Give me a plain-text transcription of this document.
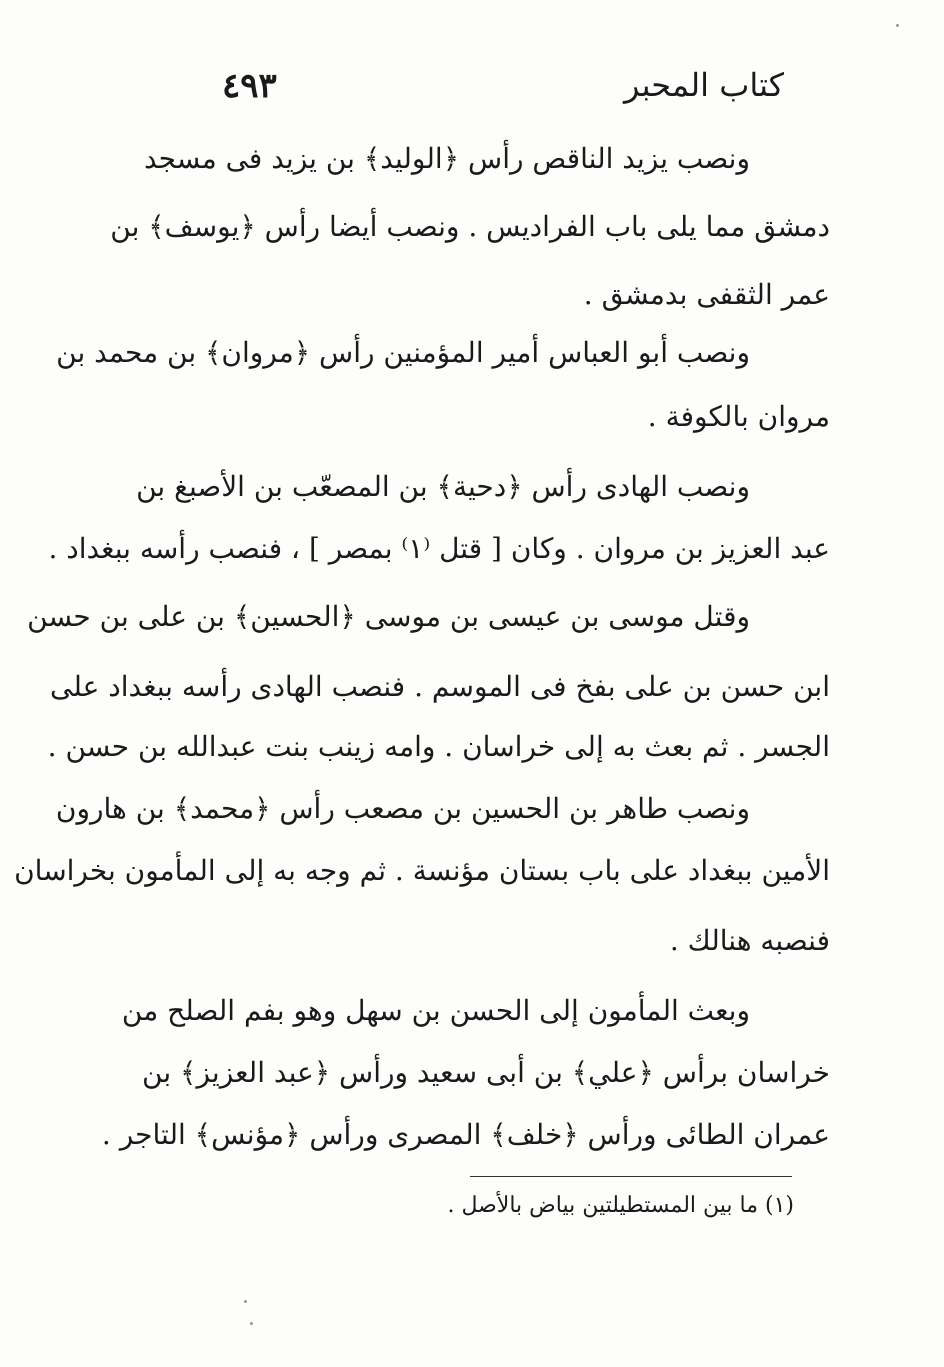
٤٩٣	كتاب المحبر
ونصب يزيد الناقص رأس ﴿الوليد﴾ بن يزيد فى مسجد
دمشق مما يلى باب الفراديس . ونصب أيضا رأس ﴿يوسف﴾ بن
عمر الثقفى بدمشق .
ونصب أبو العباس أمير المؤمنين رأس ﴿مروان﴾ بن محمد بن
مروان بالكوفة .
ونصب الهادى رأس ﴿دحية﴾ بن المصعّب بن الأصبغ بن
عبد العزيز بن مروان . وكان [ قتل ⁽١⁾ بمصر ] ، فنصب رأسه ببغداد .
وقتل موسى بن عيسى بن موسى ﴿الحسين﴾ بن على بن حسن
ابن حسن بن على بفخ فى الموسم . فنصب الهادى رأسه ببغداد على
الجسر . ثم بعث به إلى خراسان . وامه زينب بنت عبدالله بن حسن .
ونصب طاهر بن الحسين بن مصعب رأس ﴿محمد﴾ بن هارون
الأمين ببغداد على باب بستان مؤنسة . ثم وجه به إلى المأمون بخراسان
فنصبه هنالك .
وبعث المأمون إلى الحسن بن سهل وهو بفم الصلح من
خراسان برأس ﴿علي﴾ بن أبى سعيد ورأس ﴿عبد العزيز﴾ بن
عمران الطائى ورأس ﴿خلف﴾ المصرى ورأس ﴿مؤنس﴾ التاجر .
(١) ما بين المستطيلتين بياض بالأصل .
